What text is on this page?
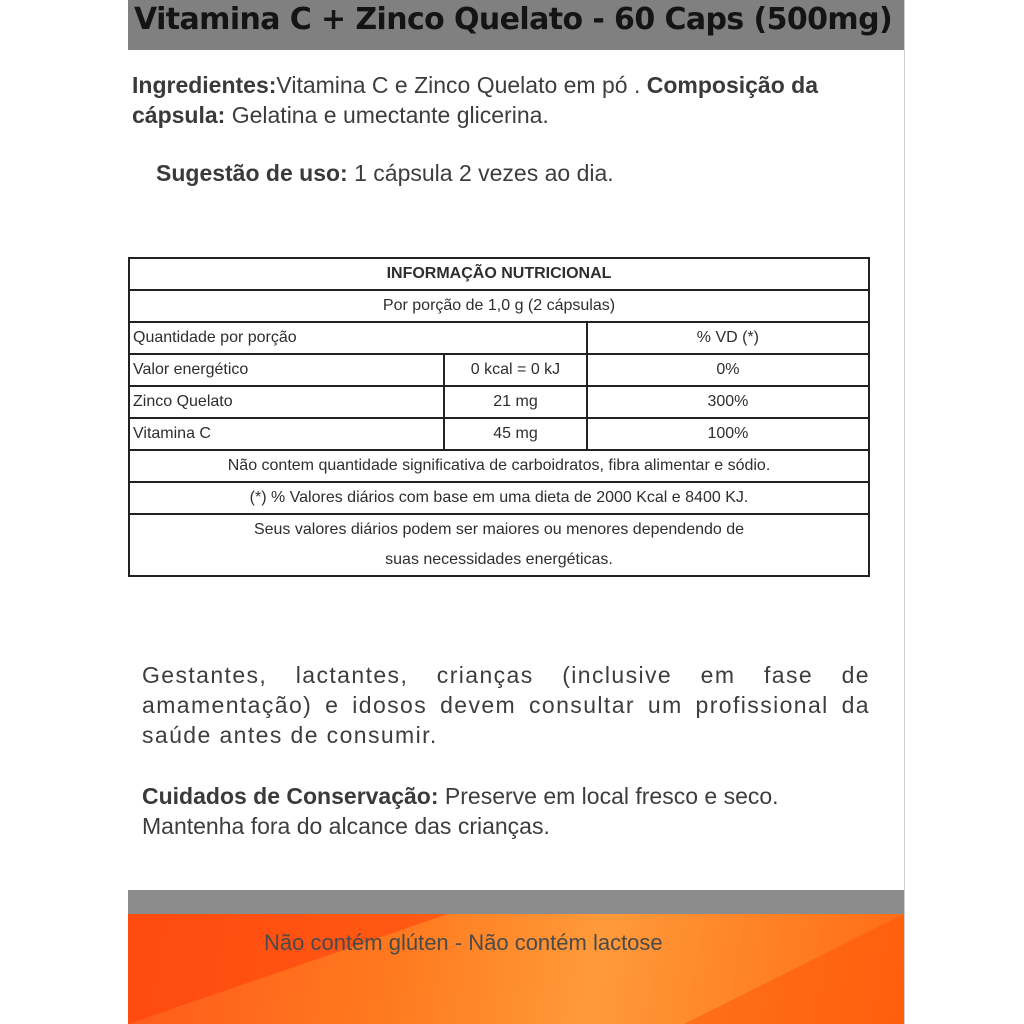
Vitamina C + Zinco Quelato - 60 Caps (500mg)

Ingredientes:Vitamina C e Zinco Quelato em pó . Composição da cápsula: Gelatina e umectante glicerina.

Sugestão de uso: 1 cápsula 2 vezes ao dia.

INFORMAÇÃO NUTRICIONAL		
Por porção de 1,0 g (2 cápsulas)		
Quantidade por porção		% VD (*)
Valor energético	0 kcal = 0 kJ	0%
Zinco Quelato	21 mg	300%
Vitamina C	45 mg	100%
Não contem quantidade significativa de carboidratos, fibra alimentar e sódio.		
(*) % Valores diários com base em uma dieta de 2000 Kcal e 8400 KJ.		
Seus valores diários podem ser maiores ou menores dependendo de		
suas necessidades energéticas.		

Gestantes, lactantes, crianças (inclusive em fase de amamentação) e idosos devem consultar um profissional da saúde antes de consumir.

Cuidados de Conservação: Preserve em local fresco e seco. Mantenha fora do alcance das crianças.

Não contém glúten - Não contém lactose
